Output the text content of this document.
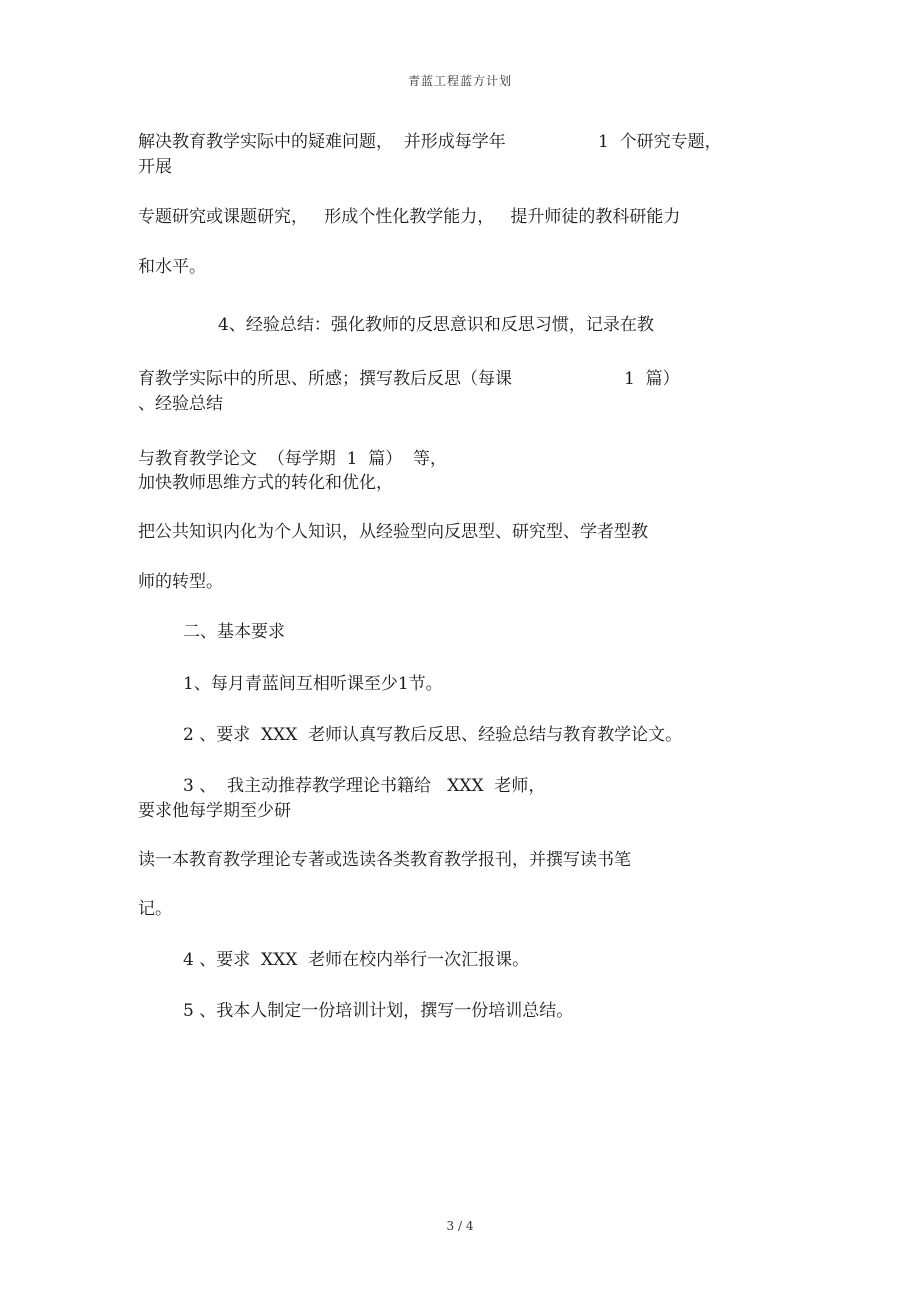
青蓝工程蓝方计划
解决教育教学实际中的疑难问题，  并形成每学年	1  个研究专题，
开展
专题研究或课题研究，   形成个性化教学能力，   提升师徒的教科研能力
和水平。
4、经验总结：强化教师的反思意识和反思习惯，记录在教
育教学实际中的所思、所感；撰写教后反思（每课	1  篇）
、经验总结
与教育教学论文  （每学期  1  篇）  等，
加快教师思维方式的转化和优化，
把公共知识内化为个人知识，从经验型向反思型、研究型、学者型教
师的转型。
二、基本要求
1、每月青蓝间互相听课至少1节。
2 、要求  XXX  老师认真写教后反思、经验总结与教育教学论文。
3 、  我主动推荐教学理论书籍给   XXX  老师，
要求他每学期至少研
读一本教育教学理论专著或选读各类教育教学报刊，并撰写读书笔
记。
4 、要求  XXX  老师在校内举行一次汇报课。
5 、我本人制定一份培训计划，撰写一份培训总结。
3 / 4
